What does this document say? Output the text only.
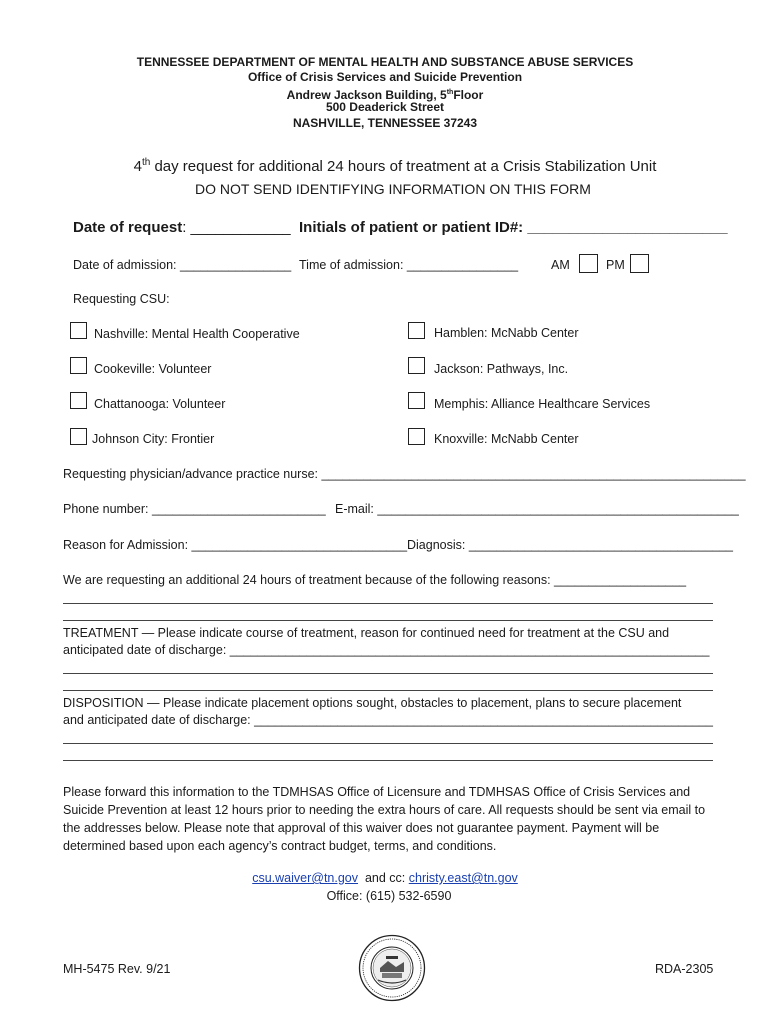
TENNESSEE DEPARTMENT OF MENTAL HEALTH AND SUBSTANCE ABUSE SERVICES
Office of Crisis Services and Suicide Prevention
Andrew Jackson Building, 5thFloor
500 Deaderick Street
NASHVILLE, TENNESSEE 37243
4th day request for additional 24 hours of treatment at a Crisis Stabilization Unit
DO NOT SEND IDENTIFYING INFORMATION ON THIS FORM
Date of request: ____________ Initials of patient or patient ID#: ________________________
Date of admission: ________________ Time of admission: ________________	AM	PM
Requesting CSU:
Nashville: Mental Health Cooperative	Hamblen: McNabb Center
Cookeville: Volunteer	Jackson: Pathways, Inc.
Chattanooga: Volunteer	Memphis: Alliance Healthcare Services
Johnson City: Frontier	Knoxville: McNabb Center
Requesting physician/advance practice nurse: _____________________________________________________________
Phone number: _________________________ E-mail: ____________________________________________________
Reason for Admission: _______________________________ Diagnosis: ______________________________________
We are requesting an additional 24 hours of treatment because of the following reasons: ___________________
TREATMENT — Please indicate course of treatment, reason for continued need for treatment at the CSU and
anticipated date of discharge: _____________________________________________________________________
DISPOSITION — Please indicate placement options sought, obstacles to placement, plans to secure placement
and anticipated date of discharge: __________________________________________________________________
Please forward this information to the TDMHSAS Office of Licensure and TDMHSAS Office of Crisis Services and Suicide Prevention at least 12 hours prior to needing the extra hours of care. All requests should be sent via email to the addresses below. Please note that approval of this waiver does not guarantee payment. Payment will be determined based upon each agency’s contract budget, terms, and conditions.
csu.waiver@tn.gov  and cc: christy.east@tn.gov
Office: (615) 532-6590
MH-5475 Rev. 9/21	RDA-2305
